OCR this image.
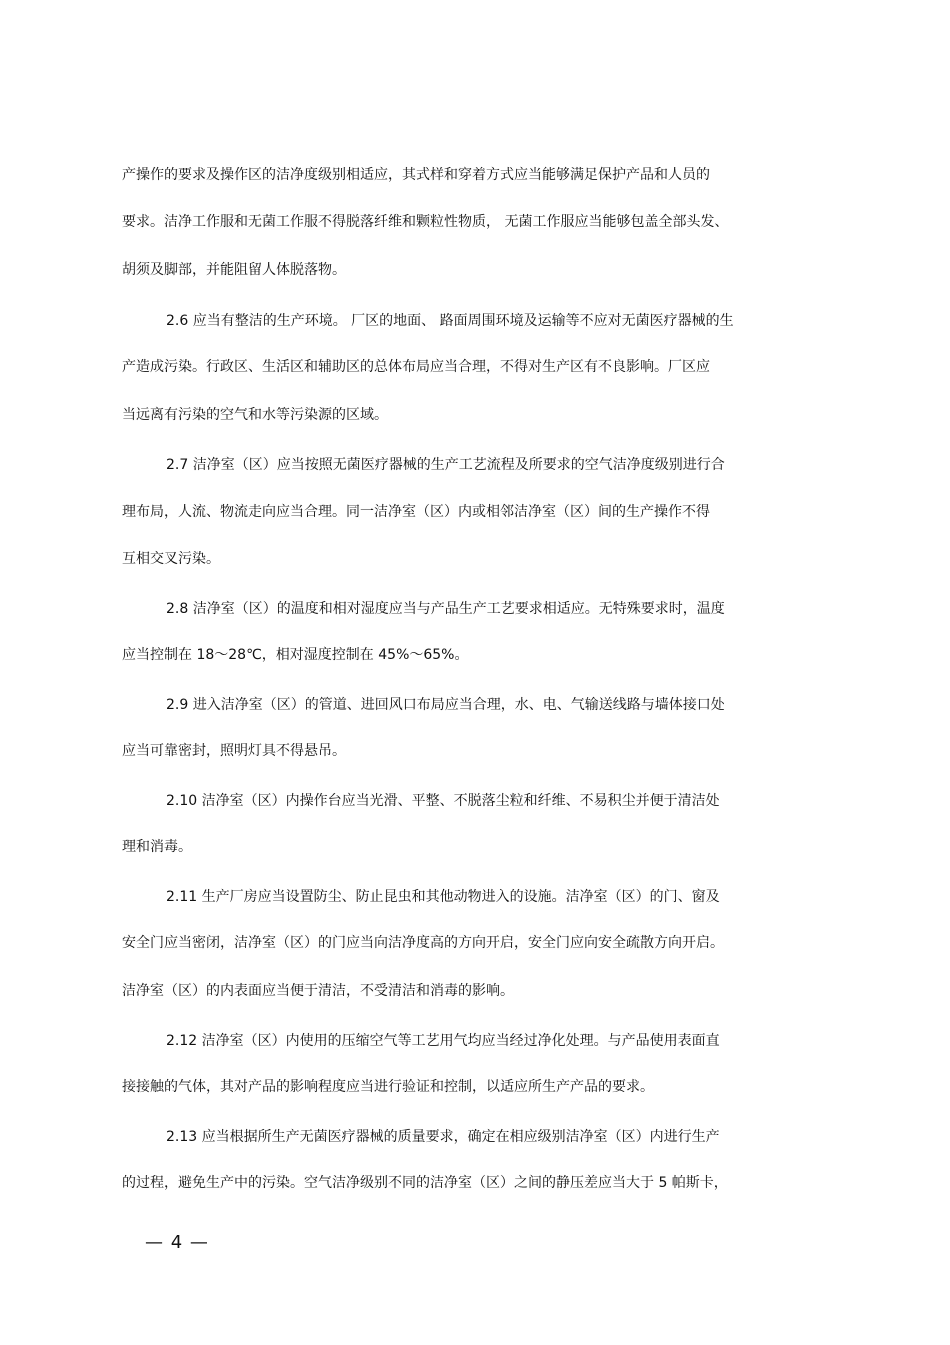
产操作的要求及操作区的洁净度级别相适应，其式样和穿着方式应当能够满足保护产品和人员的
要求。洁净工作服和无菌工作服不得脱落纤维和颗粒性物质， 无菌工作服应当能够包盖全部头发、
胡须及脚部，并能阻留人体脱落物。
2.6 应当有整洁的生产环境。 厂区的地面、 路面周围环境及运输等不应对无菌医疗器械的生
产造成污染。行政区、生活区和辅助区的总体布局应当合理，不得对生产区有不良影响。厂区应
当远离有污染的空气和水等污染源的区域。
2.7 洁净室（区）应当按照无菌医疗器械的生产工艺流程及所要求的空气洁净度级别进行合
理布局，人流、物流走向应当合理。同一洁净室（区）内或相邻洁净室（区）间的生产操作不得
互相交叉污染。
2.8 洁净室（区）的温度和相对湿度应当与产品生产工艺要求相适应。无特殊要求时，温度
应当控制在 18～28℃，相对湿度控制在 45%～65%。
2.9 进入洁净室（区）的管道、进回风口布局应当合理，水、电、气输送线路与墙体接口处
应当可靠密封，照明灯具不得悬吊。
2.10 洁净室（区）内操作台应当光滑、平整、不脱落尘粒和纤维、不易积尘并便于清洁处
理和消毒。
2.11 生产厂房应当设置防尘、防止昆虫和其他动物进入的设施。洁净室（区）的门、窗及
安全门应当密闭，洁净室（区）的门应当向洁净度高的方向开启，安全门应向安全疏散方向开启。
洁净室（区）的内表面应当便于清洁，不受清洁和消毒的影响。
2.12 洁净室（区）内使用的压缩空气等工艺用气均应当经过净化处理。与产品使用表面直
接接触的气体，其对产品的影响程度应当进行验证和控制，以适应所生产产品的要求。
2.13 应当根据所生产无菌医疗器械的质量要求，确定在相应级别洁净室（区）内进行生产
的过程，避免生产中的污染。空气洁净级别不同的洁净室（区）之间的静压差应当大于 5 帕斯卡，
— 4 —
